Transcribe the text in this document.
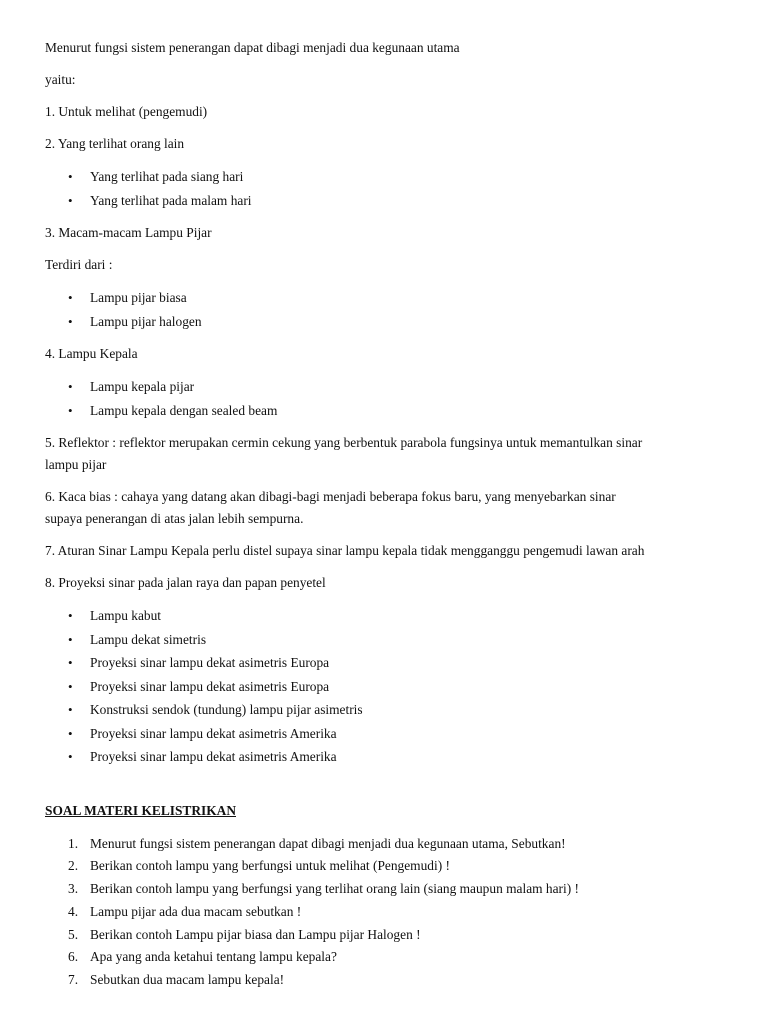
Menurut fungsi sistem penerangan dapat dibagi menjadi dua kegunaan utama

yaitu:

1. Untuk melihat (pengemudi)

2. Yang terlihat orang lain

• Yang terlihat pada siang hari
• Yang terlihat pada malam hari

3. Macam-macam Lampu Pijar

Terdiri dari :

• Lampu pijar biasa
• Lampu pijar halogen

4. Lampu Kepala

• Lampu kepala pijar
• Lampu kepala dengan sealed beam

5. Reflektor : reflektor merupakan cermin cekung yang berbentuk parabola fungsinya untuk memantulkan sinar

lampu pijar

6. Kaca bias : cahaya yang datang akan dibagi-bagi menjadi beberapa fokus baru, yang menyebarkan sinar

supaya penerangan di atas jalan lebih sempurna.

7. Aturan Sinar Lampu Kepala perlu distel supaya sinar lampu kepala tidak mengganggu pengemudi lawan arah

8. Proyeksi sinar pada jalan raya dan papan penyetel

• Lampu kabut
• Lampu dekat simetris
• Proyeksi sinar lampu dekat asimetris Europa
• Proyeksi sinar lampu dekat asimetris Europa
• Konstruksi sendok (tundung) lampu pijar asimetris
• Proyeksi sinar lampu dekat asimetris Amerika
• Proyeksi sinar lampu dekat asimetris Amerika

SOAL MATERI KELISTRIKAN

1. Menurut fungsi sistem penerangan dapat dibagi menjadi dua kegunaan utama, Sebutkan!
2. Berikan contoh lampu yang berfungsi untuk melihat (Pengemudi) !
3. Berikan contoh lampu yang berfungsi yang terlihat orang lain (siang maupun malam hari) !
4. Lampu pijar ada dua macam sebutkan !
5. Berikan contoh Lampu pijar biasa dan Lampu pijar Halogen !
6. Apa yang anda ketahui tentang lampu kepala?
7. Sebutkan dua macam lampu kepala!
